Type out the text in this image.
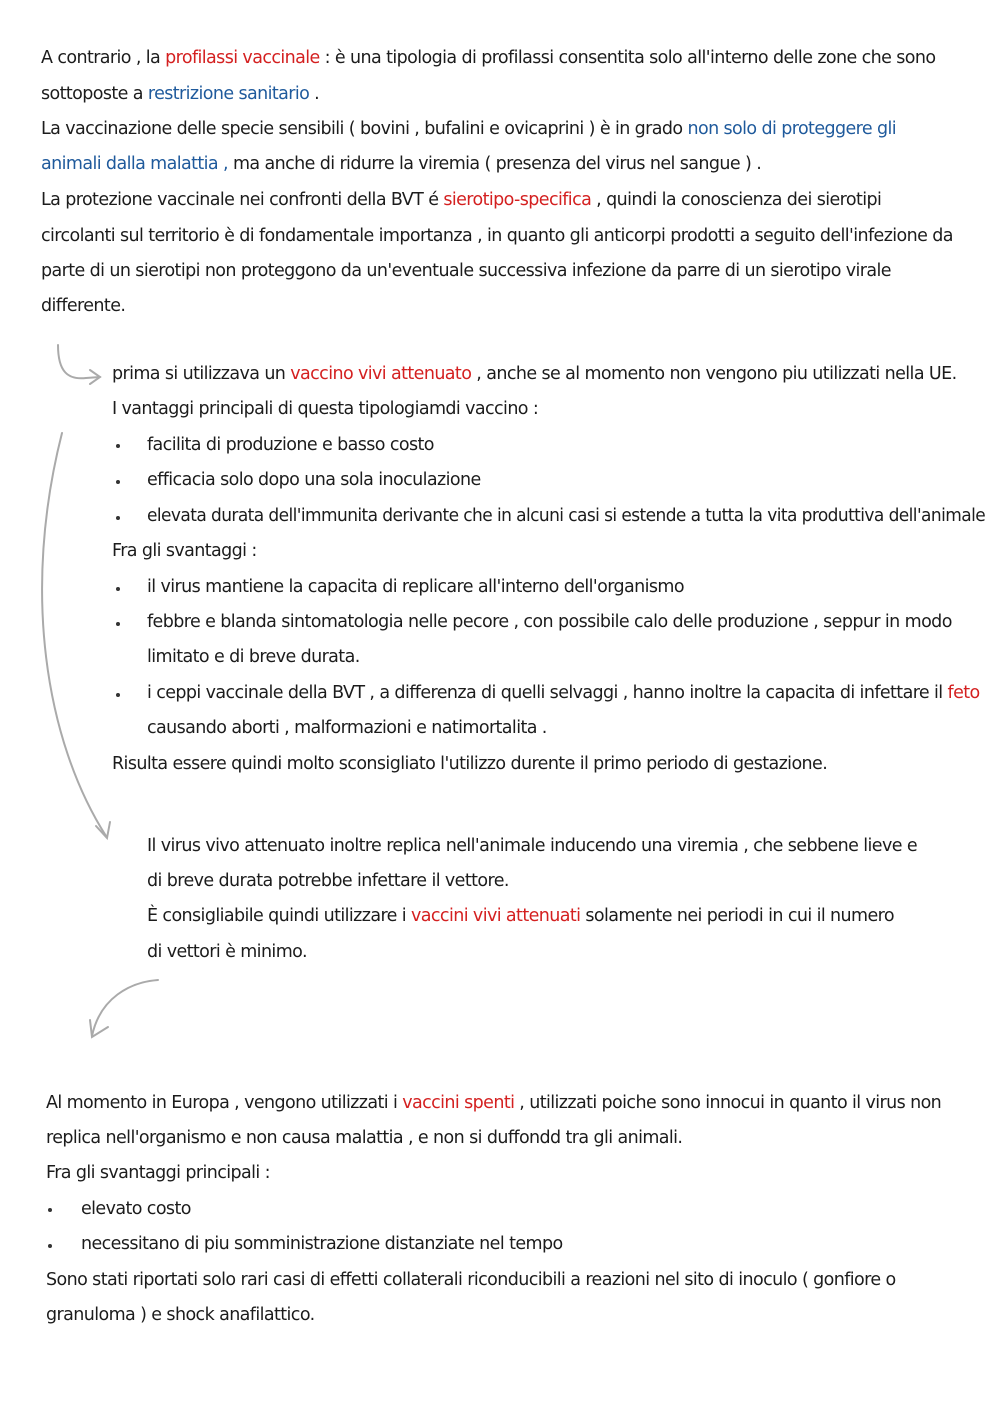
A contrario , la profilassi vaccinale : è una tipologia di profilassi consentita solo all'interno delle zone che sono
sottoposte a restrizione sanitario .
La vaccinazione delle specie sensibili ( bovini , bufalini e ovicaprini ) è in grado non solo di proteggere gli
animali dalla malattia , ma anche di ridurre la viremia ( presenza del virus nel sangue ) .
La protezione vaccinale nei confronti della BVT é sierotipo-specifica , quindi la conoscienza dei sierotipi
circolanti sul territorio è di fondamentale importanza , in quanto gli anticorpi prodotti a seguito dell'infezione da
parte di un sierotipi non proteggono da un'eventuale successiva infezione da parre di un sierotipo virale
differente.
prima si utilizzava un vaccino vivi attenuato , anche se al momento non vengono piu utilizzati nella UE.
I vantaggi principali di questa tipologiamdi vaccino :
facilita di produzione e basso costo
efficacia solo dopo una sola inoculazione
elevata durata dell'immunita derivante che in alcuni casi si estende a tutta la vita produttiva dell'animale
Fra gli svantaggi :
il virus mantiene la capacita di replicare all'interno dell'organismo
febbre e blanda sintomatologia nelle pecore , con possibile calo delle produzione , seppur in modo
limitato e di breve durata.
i ceppi vaccinale della BVT , a differenza di quelli selvaggi , hanno inoltre la capacita di infettare il feto
causando aborti , malformazioni e natimortalita .
Risulta essere quindi molto sconsigliato l'utilizzo durente il primo periodo di gestazione.
Il virus vivo attenuato inoltre replica nell'animale inducendo una viremia , che sebbene lieve e
di breve durata potrebbe infettare il vettore.
È consigliabile quindi utilizzare i vaccini vivi attenuati solamente nei periodi in cui il numero
di vettori è minimo.
Al momento in Europa , vengono utilizzati i vaccini spenti , utilizzati poiche sono innocui in quanto il virus non
replica nell'organismo e non causa malattia , e non si duffondd tra gli animali.
Fra gli svantaggi principali :
elevato costo
necessitano di piu somministrazione distanziate nel tempo
Sono stati riportati solo rari casi di effetti collaterali riconducibili a reazioni nel sito di inoculo ( gonfiore o
granuloma ) e shock anafilattico.
